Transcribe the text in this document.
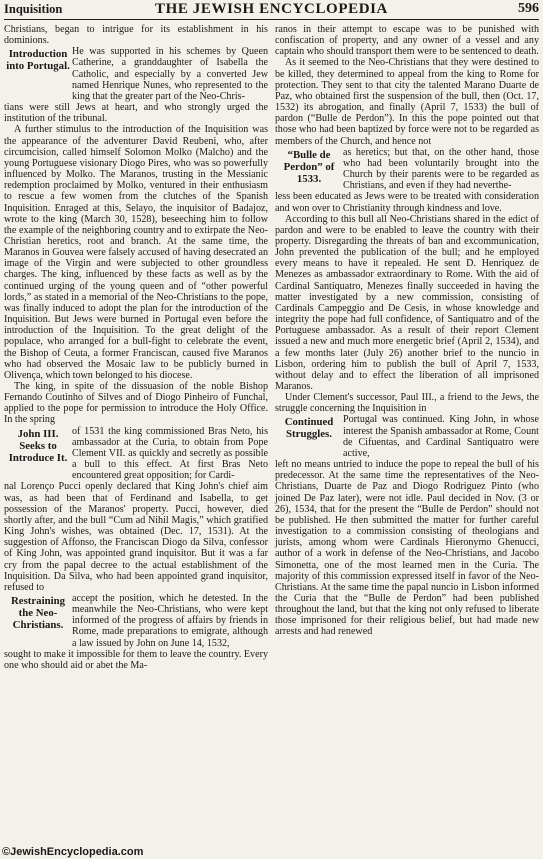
Inquisition	THE JEWISH ENCYCLOPEDIA	596

Christians, began to intrigue for its establishment in his dominions.

Introduction into Portugal.

He was supported in his schemes by Queen Catherine, a granddaughter of Isabella the Catholic, and especially by a converted Jew named Henrique Nunes, who represented to the king that the greater part of the Neo-Chris-

tians were still Jews at heart, and who strongly urged the institution of the tribunal.

A further stimulus to the introduction of the Inquisition was the appearance of the adventurer David Reubeni, who, after circumcision, called himself Solomon Molko (Malcho) and the young Portuguese visionary Diogo Pires, who was so powerfully influenced by Molko. The Maranos, trusting in the Messianic redemption proclaimed by Molko, ventured in their enthusiasm to rescue a few women from the clutches of the Spanish Inquisition. Enraged at this, Selayo, the inquisitor of Badajoz, wrote to the king (March 30, 1528), beseeching him to follow the example of the neighboring country and to extirpate the Neo-Christian heretics, root and branch. At the same time, the Maranos in Gouvea were falsely accused of having desecrated an image of the Virgin and were subjected to other groundless charges. The king, influenced by these facts as well as by the continued urging of the young queen and of “other powerful lords,” as stated in a memorial of the Neo-Christians to the pope, was finally induced to adopt the plan for the introduction of the Inquisition. But Jews were burned in Portugal even before the introduction of the Inquisition. To the great delight of the populace, who arranged for a bull-fight to celebrate the event, the Bishop of Ceuta, a former Franciscan, caused five Maranos who had observed the Mosaic law to be publicly burned in Olivença, which town belonged to his diocese.

The king, in spite of the dissuasion of the noble Bishop Fernando Coutinho of Silves and of Diogo Pinheiro of Funchal, applied to the pope for permission to introduce the Holy Office. In the spring

John III. Seeks to Introduce It.

of 1531 the king commissioned Bras Neto, his ambassador at the Curia, to obtain from Pope Clement VII. as quickly and secretly as possible a bull to this effect. At first Bras Neto encountered great opposition; for Cardi-

nal Lorenço Pucci openly declared that King John's chief aim was, as had been that of Ferdinand and Isabella, to get possession of the Maranos' property. Pucci, however, died shortly after, and the bull “Cum ad Nihil Magis,” which gratified King John's wishes, was obtained (Dec. 17, 1531). At the suggestion of Affonso, the Franciscan Diogo da Silva, confessor of King John, was appointed grand inquisitor. But it was a far cry from the papal decree to the actual establishment of the Inquisition. Da Silva, who had been appointed grand inquisitor, refused to

Restraining the Neo-Christians.

accept the position, which he detested. In the meanwhile the Neo-Christians, who were kept informed of the progress of affairs by friends in Rome, made preparations to emigrate, although a law issued by John on June 14, 1532,

sought to make it impossible for them to leave the country. Every one who should aid or abet the Ma-

ranos in their attempt to escape was to be punished with confiscation of property, and any owner of a vessel and any captain who should transport them were to be sentenced to death.

As it seemed to the Neo-Christians that they were destined to be killed, they determined to appeal from the king to Rome for protection. They sent to that city the talented Marano Duarte de Paz, who obtained first the suspension of the bull, then (Oct. 17, 1532) its abrogation, and finally (April 7, 1533) the bull of pardon (“Bulle de Perdon”). In this the pope pointed out that those who had been baptized by force were not to be regarded as members of the Church, and hence not

“Bulle de Perdon” of 1533.

as heretics; but that, on the other hand, those who had been voluntarily brought into the Church by their parents were to be regarded as Christians, and even if they had neverthe-

less been educated as Jews were to be treated with consideration and won over to Christianity through kindness and love.

According to this bull all Neo-Christians shared in the edict of pardon and were to be enabled to leave the country with their property. Disregarding the threats of ban and excommunication, John prevented the publication of the bull; and he employed every means to have it repealed. He sent D. Henriquez de Menezes as ambassador extraordinary to Rome. With the aid of Cardinal Santiquatro, Menezes finally succeeded in having the matter investigated by a new commission, consisting of Cardinals Campeggio and De Cesis, in whose knowledge and integrity the pope had full confidence, of Santiquatro and of the Portuguese ambassador. As a result of their report Clement issued a new and much more energetic brief (April 2, 1534), and a few months later (July 26) another brief to the nuncio in Lisbon, ordering him to publish the bull of April 7, 1533, without delay and to effect the liberation of all imprisoned Maranos.

Under Clement's successor, Paul III., a friend to the Jews, the struggle concerning the Inquisition in

Continued Struggles.

Portugal was continued. King John, in whose interest the Spanish ambassador at Rome, Count de Cifuentas, and Cardinal Santiquatro were active,

left no means untried to induce the pope to repeal the bull of his predecessor. At the same time the representatives of the Neo-Christians, Duarte de Paz and Diogo Rodriguez Pinto (who joined De Paz later), were not idle. Paul decided in Nov. (3 or 26), 1534, that for the present the “Bulle de Perdon” should not be published. He then submitted the matter for further careful investigation to a commission consisting of theologians and jurists, among whom were Cardinals Hieronymo Ghenucci, author of a work in defense of the Neo-Christians, and Jacobo Simonetta, one of the most learned men in the Curia. The majority of this commission expressed itself in favor of the Neo-Christians. At the same time the papal nuncio in Lisbon informed the Curia that the “Bulle de Perdon” had been published throughout the land, but that the king not only refused to liberate those imprisoned for their religious belief, but had made new arrests and had renewed

©JewishEncyclopedia.com
